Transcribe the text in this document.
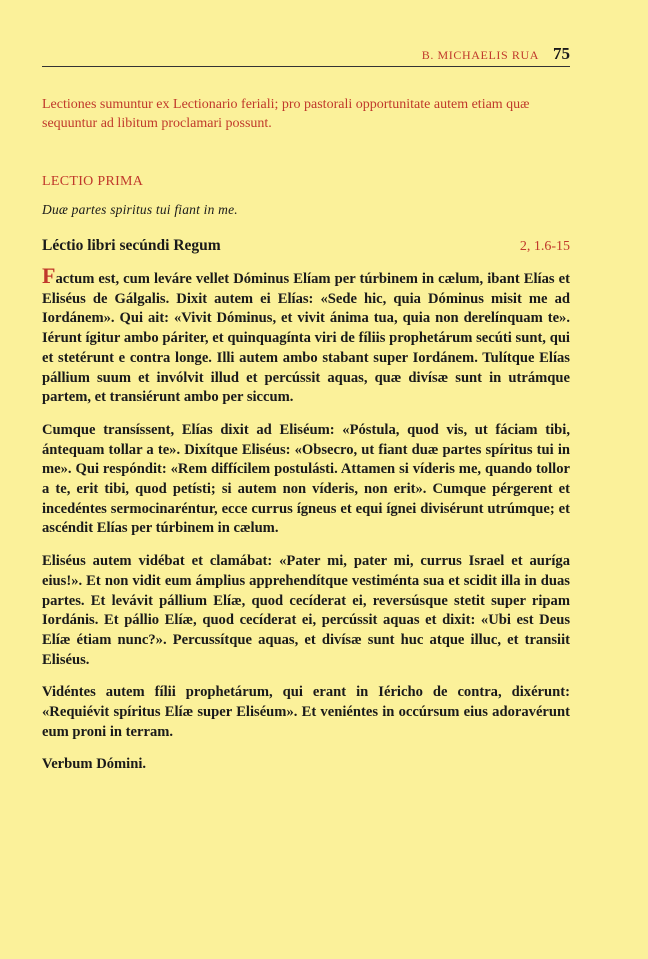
B. MICHAELIS RUA 75
Lectiones sumuntur ex Lectionario feriali; pro pastorali opportunitate autem etiam quæ sequuntur ad libitum proclamari possunt.
LECTIO PRIMA
Duæ partes spiritus tui fiant in me.
Léctio libri secúndi Regum	2, 1.6-15

Factum est, cum leváre vellet Dóminus Elíam per túrbinem in cælum, ibant Elías et Eliséus de Gálgalis. Dixit autem ei Elías: «Sede hic, quia Dóminus misit me ad Iordánem». Qui ait: «Vivit Dóminus, et vivit ánima tua, quia non derelínquam te». Iérunt ígitur ambo páriter, et quinquagínta viri de fíliis prophetárum secúti sunt, qui et stetérunt e contra longe. Illi autem ambo stabant super Iordánem. Tulítque Elías pállium suum et invólvit illud et percússit aquas, quæ divísæ sunt in utrámque partem, et transiérunt ambo per siccum.

Cumque transíssent, Elías dixit ad Eliséum: «Póstula, quod vis, ut fáciam tibi, ántequam tollar a te». Dixítque Eliséus: «Obsecro, ut fiant duæ partes spíritus tui in me». Qui respóndit: «Rem diffícilem postulásti. Attamen si víderis me, quando tollor a te, erit tibi, quod petísti; si autem non víderis, non erit». Cumque pérgerent et incedéntes sermocinaréntur, ecce currus ígneus et equi ígnei divisérunt utrúmque; et ascéndit Elías per túrbinem in cælum.

Eliséus autem vidébat et clamábat: «Pater mi, pater mi, currus Israel et auríga eius!». Et non vidit eum ámplius apprehendítque vestiménta sua et scidit illa in duas partes. Et levávit pállium Elíæ, quod cecíderat ei, reversúsque stetit super ripam Iordánis. Et pállio Elíæ, quod cecíderat ei, percússit aquas et dixit: «Ubi est Deus Elíæ étiam nunc?». Percussítque aquas, et divísæ sunt huc atque illuc, et transiit Eliséus.

Vidéntes autem fílii prophetárum, qui erant in Iéricho de contra, dixérunt: «Requiévit spíritus Elíæ super Eliséum». Et veniéntes in occúrsum eius adoravérunt eum proni in terram.

Verbum Dómini.
